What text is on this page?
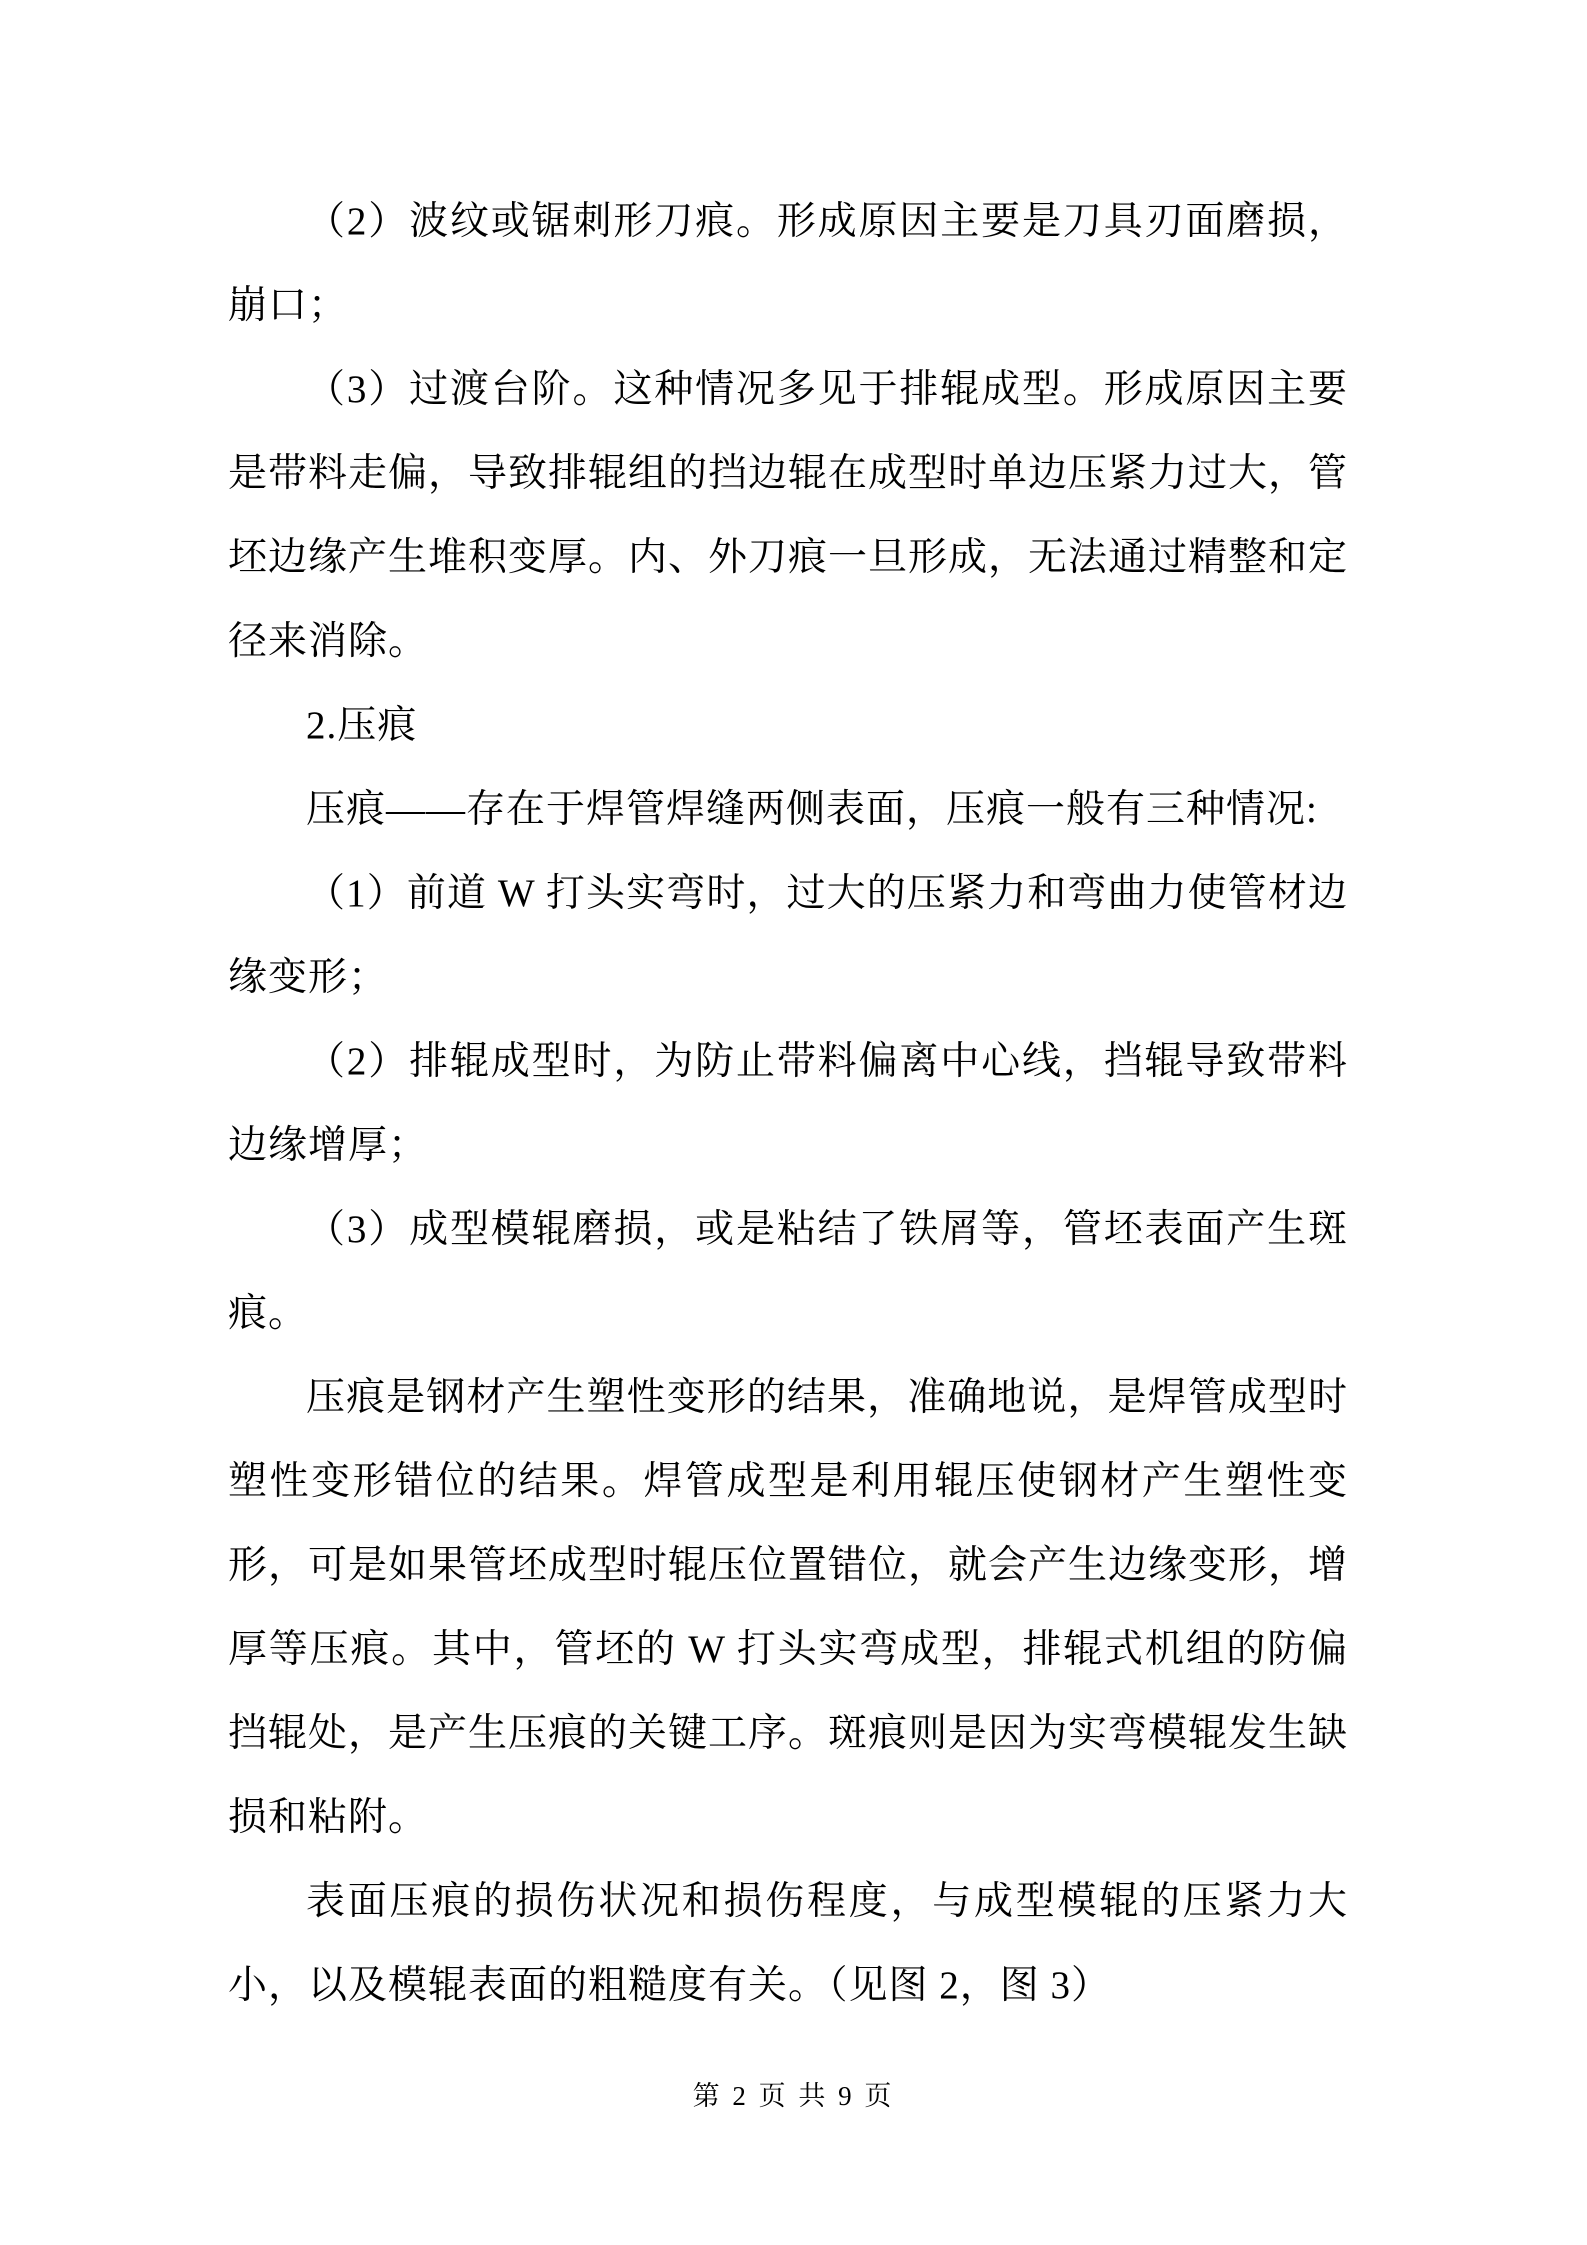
（2）波纹或锯刺形刀痕。形成原因主要是刀具刃面磨损，崩口；

（3）过渡台阶。这种情况多见于排辊成型。形成原因主要是带料走偏，导致排辊组的挡边辊在成型时单边压紧力过大，管坯边缘产生堆积变厚。内、外刀痕一旦形成，无法通过精整和定径来消除。

2.压痕

压痕——存在于焊管焊缝两侧表面，压痕一般有三种情况:

（1）前道 W 打头实弯时，过大的压紧力和弯曲力使管材边缘变形；

（2）排辊成型时，为防止带料偏离中心线，挡辊导致带料边缘增厚；

（3）成型模辊磨损，或是粘结了铁屑等，管坯表面产生斑痕。

压痕是钢材产生塑性变形的结果，准确地说，是焊管成型时塑性变形错位的结果。焊管成型是利用辊压使钢材产生塑性变形，可是如果管坯成型时辊压位置错位，就会产生边缘变形，增厚等压痕。其中，管坯的 W 打头实弯成型，排辊式机组的防偏挡辊处，是产生压痕的关键工序。斑痕则是因为实弯模辊发生缺损和粘附。

表面压痕的损伤状况和损伤程度，与成型模辊的压紧力大小，以及模辊表面的粗糙度有关。（见图 2，图 3）

第 2 页 共 9 页
